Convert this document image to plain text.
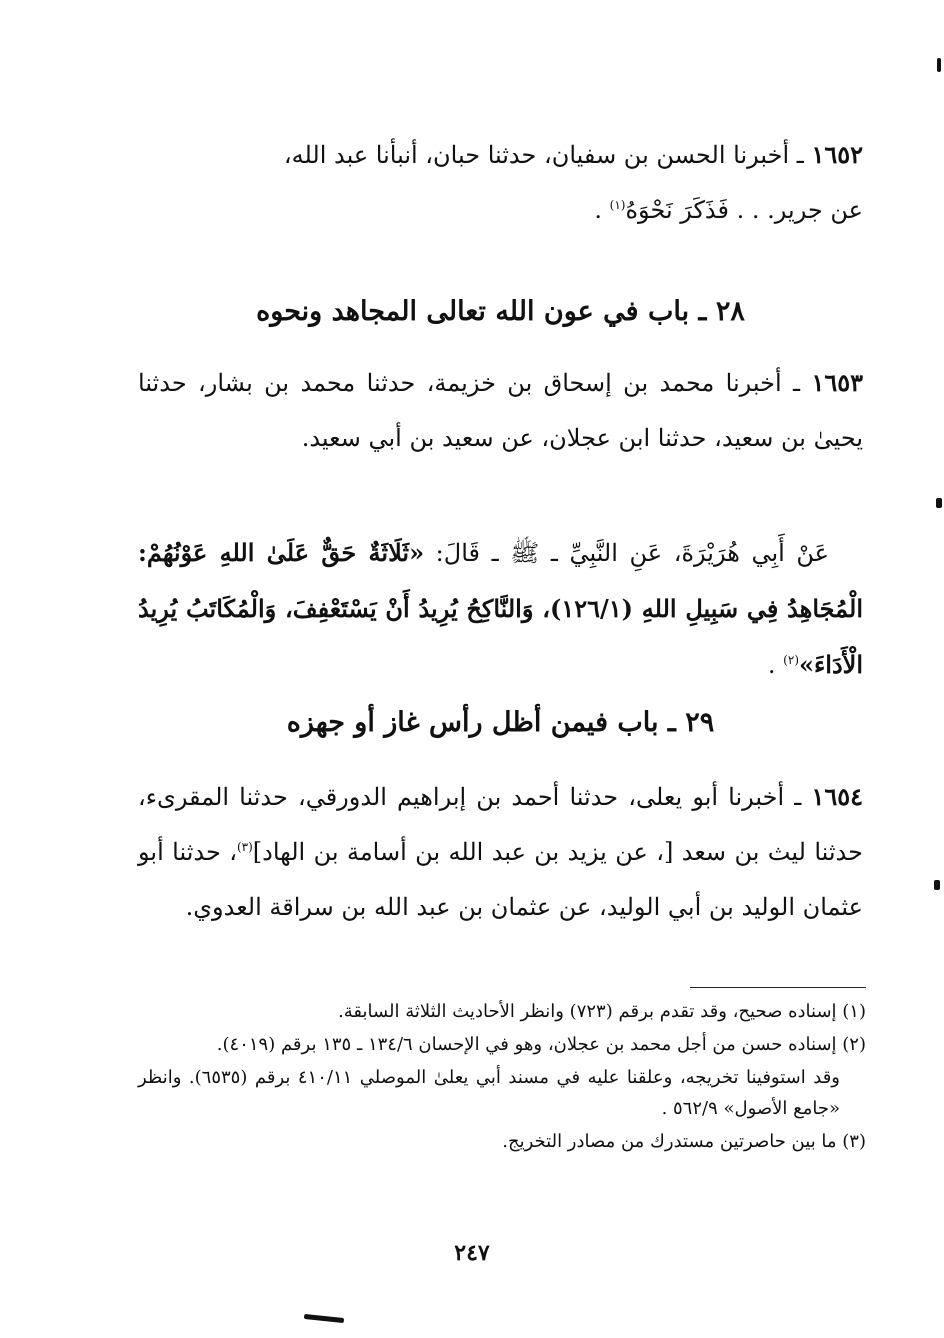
١٦٥٢ ـ أخبرنا الحسن بن سفيان، حدثنا حبان، أنبأنا عبد الله،
عن جرير. . . فَذَكَرَ نَحْوَهُ$^{(١)}$ .
٢٨ ـ باب في عون الله تعالى المجاهد ونحوه
١٦٥٣ ـ أخبرنا محمد بن إسحاق بن خزيمة، حدثنا محمد بن بشار، حدثنا يحيىٰ بن سعيد، حدثنا ابن عجلان، عن سعيد بن أبي سعيد.
عَنْ أَبِي هُرَيْرَةَ، عَنِ النَّبِيِّ ـ ﷺ ـ قَالَ: «ثَلَاثَةٌ حَقٌّ عَلَىٰ اللهِ عَوْنُهُمْ: الْمُجَاهِدُ فِي سَبِيلِ اللهِ (١٢٦/١)، وَالنَّاكِحُ يُرِيدُ أَنْ يَسْتَعْفِفَ، وَالْمُكَاتَبُ يُرِيدُ الْأَدَاءَ»$^{(٢)}$ .
٢٩ ـ باب فيمن أظل رأس غاز أو جهزه
١٦٥٤ ـ أخبرنا أبو يعلى، حدثنا أحمد بن إبراهيم الدورقي، حدثنا المقرىء، حدثنا ليث بن سعد [، عن يزيد بن عبد الله بن أسامة بن الهاد]$^{(٣)}$، حدثنا أبو عثمان الوليد بن أبي الوليد، عن عثمان بن عبد الله بن سراقة العدوي.
(١) إسناده صحيح، وقد تقدم برقم (٧٢٣) وانظر الأحاديث الثلاثة السابقة.
(٢) إسناده حسن من أجل محمد بن عجلان، وهو في الإحسان ١٣٤/٦ ـ ١٣٥ برقم (٤٠١٩).
وقد استوفينا تخريجه، وعلقنا عليه في مسند أبي يعلىٰ الموصلي ٤١٠/١١ برقم (٦٥٣٥). وانظر «جامع الأصول» ٥٦٢/٩ .
(٣) ما بين حاصرتين مستدرك من مصادر التخريج.
٢٤٧
